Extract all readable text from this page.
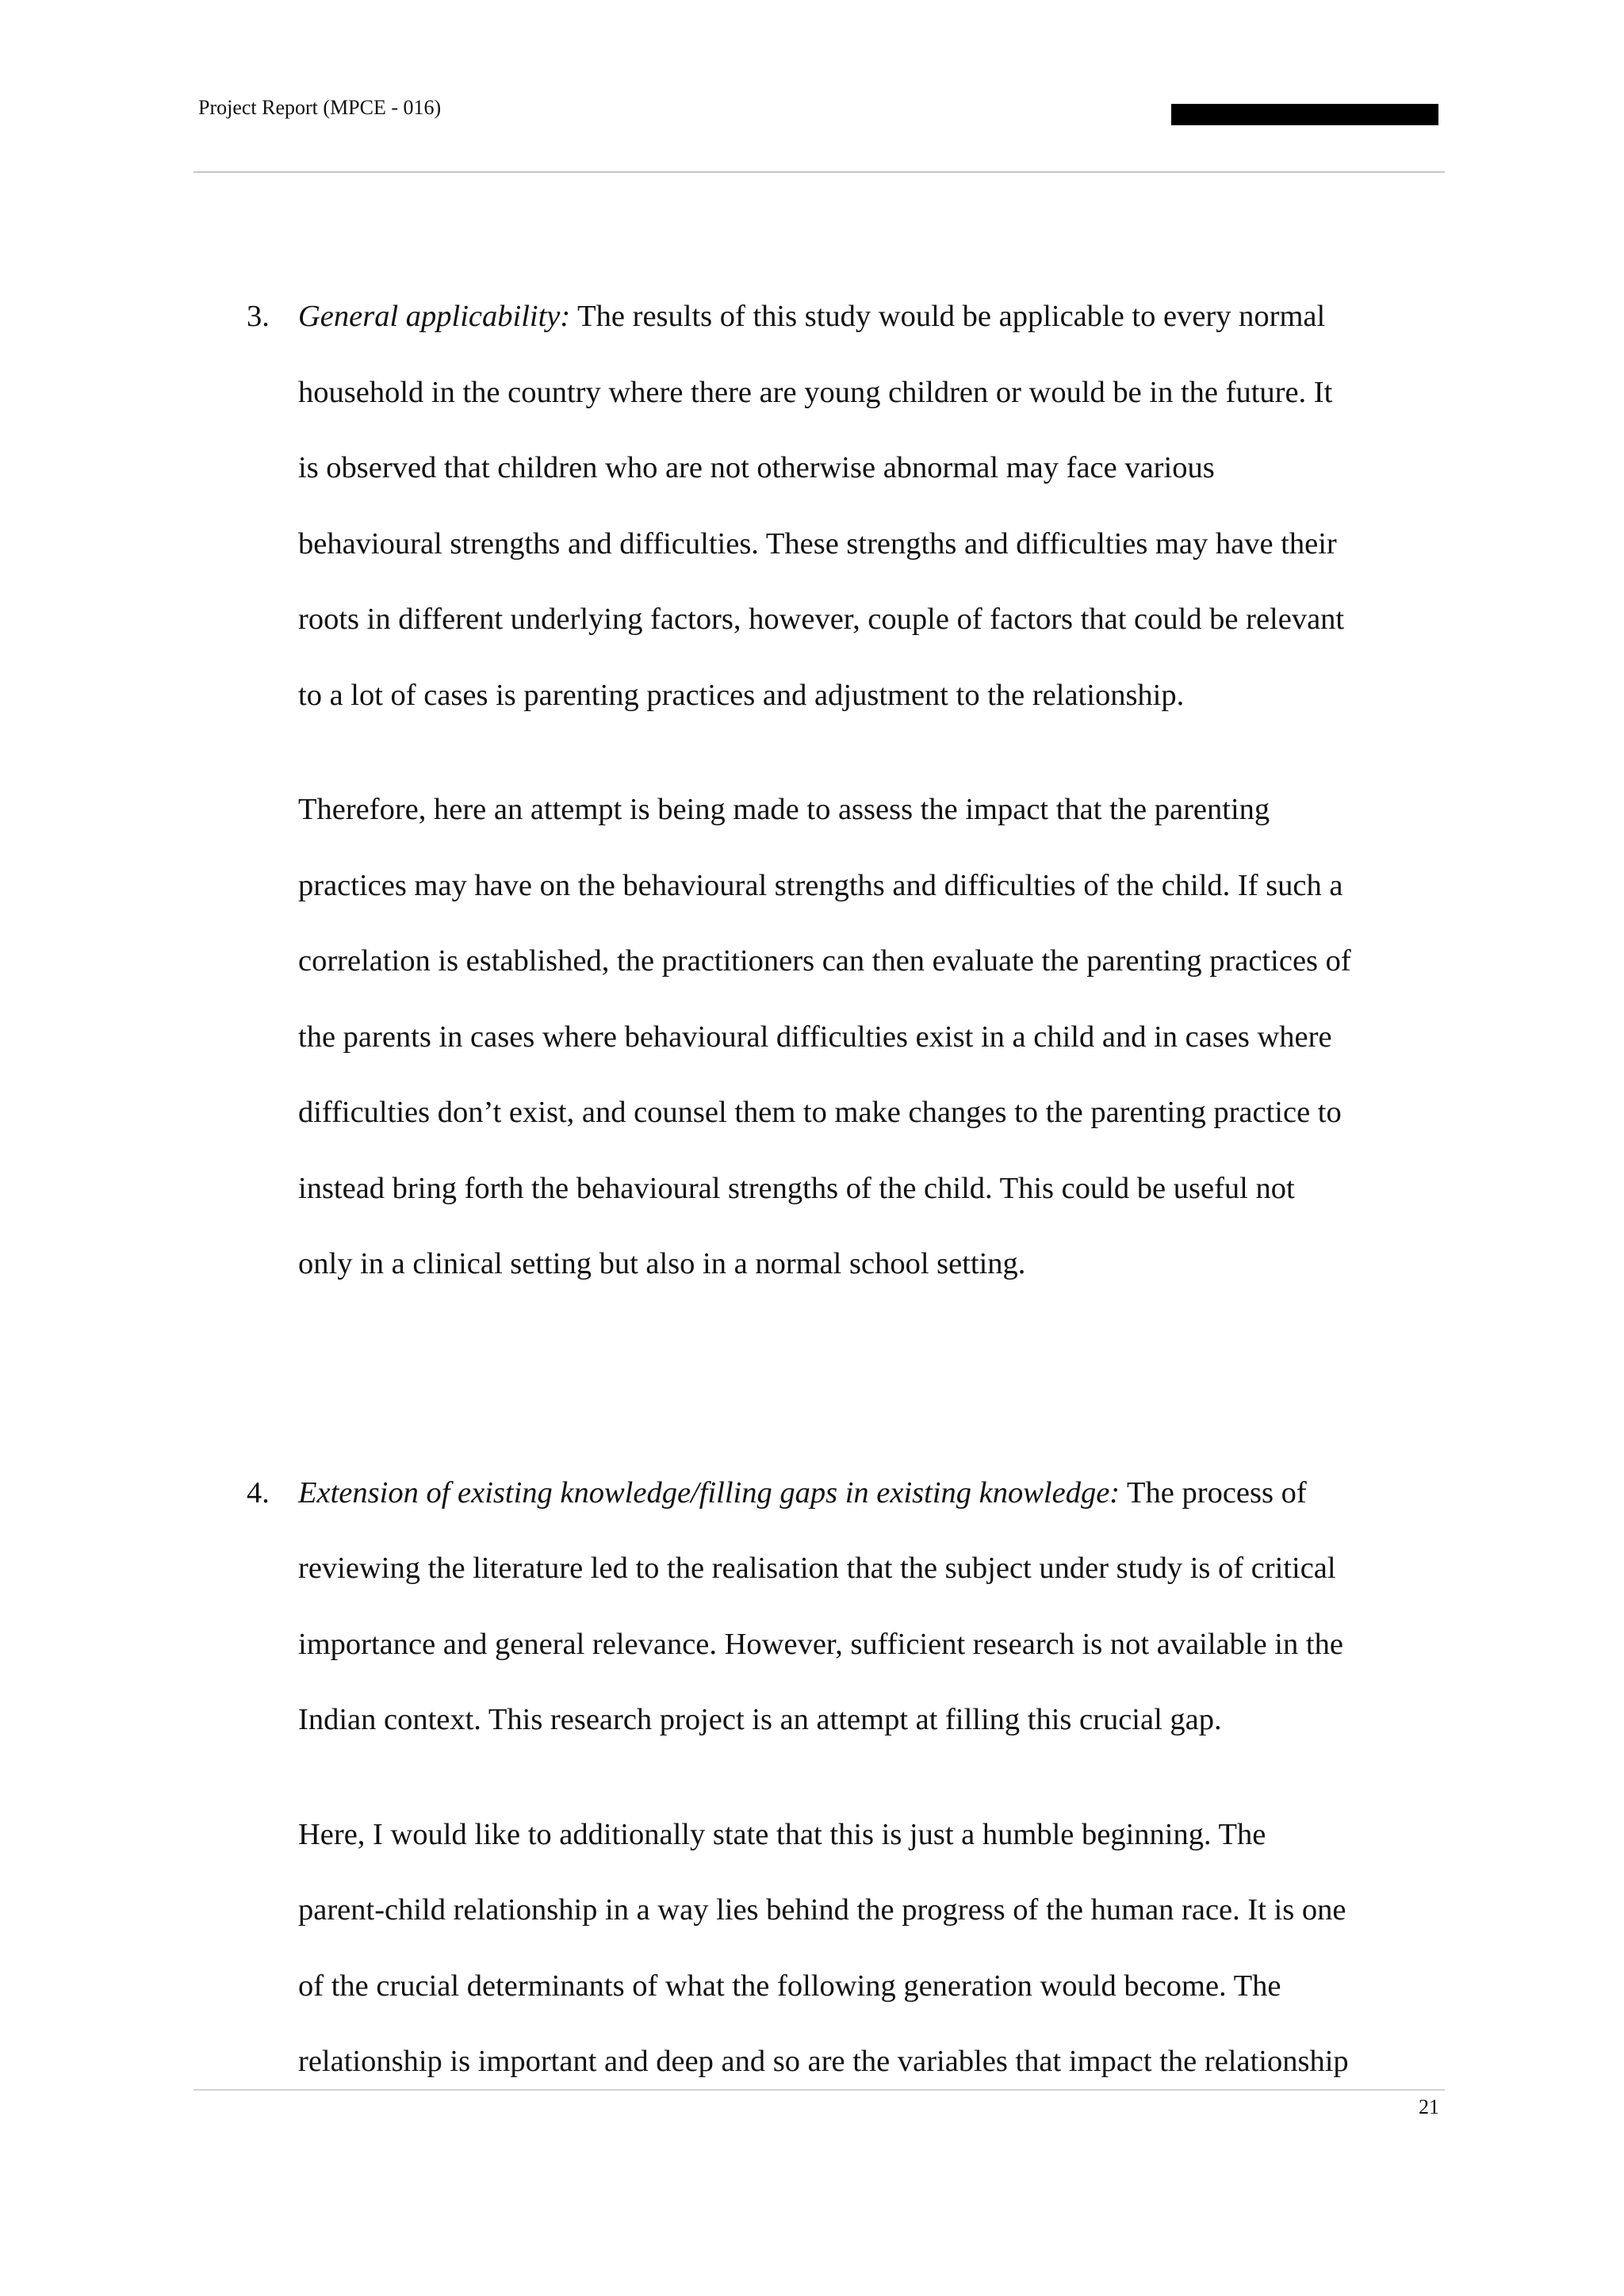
Project Report (MPCE - 016)
3. General applicability: The results of this study would be applicable to every normal

household in the country where there are young children or would be in the future. It

is observed that children who are not otherwise abnormal may face various

behavioural strengths and difficulties. These strengths and difficulties may have their

roots in different underlying factors, however, couple of factors that could be relevant

to a lot of cases is parenting practices and adjustment to the relationship.

Therefore, here an attempt is being made to assess the impact that the parenting

practices may have on the behavioural strengths and difficulties of the child. If such a

correlation is established, the practitioners can then evaluate the parenting practices of

the parents in cases where behavioural difficulties exist in a child and in cases where

difficulties don’t exist, and counsel them to make changes to the parenting practice to

instead bring forth the behavioural strengths of the child. This could be useful not

only in a clinical setting but also in a normal school setting.

4. Extension of existing knowledge/filling gaps in existing knowledge: The process of

reviewing the literature led to the realisation that the subject under study is of critical

importance and general relevance. However, sufficient research is not available in the

Indian context. This research project is an attempt at filling this crucial gap.

Here, I would like to additionally state that this is just a humble beginning. The

parent-child relationship in a way lies behind the progress of the human race. It is one

of the crucial determinants of what the following generation would become. The

relationship is important and deep and so are the variables that impact the relationship

21
